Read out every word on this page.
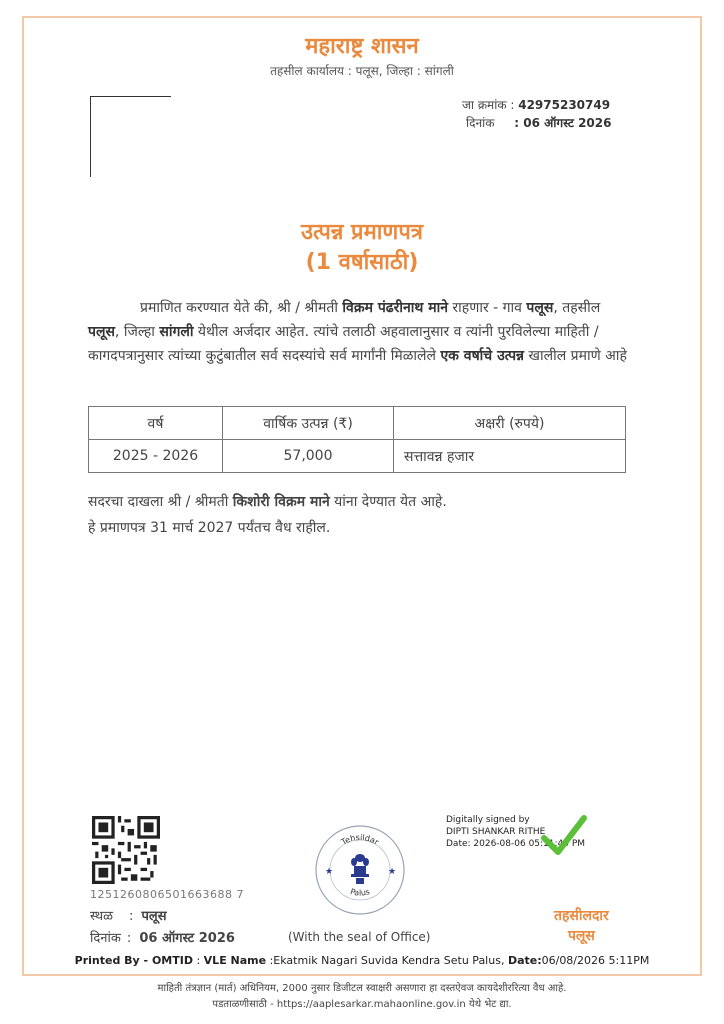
महाराष्ट्र शासन
तहसील कार्यालय : पलूस, जिल्हा : सांगली
जा क्रमांक : 42975230749
दिनांक : 06 ऑगस्ट 2026
उत्पन्न प्रमाणपत्र
(1 वर्षासाठी)
प्रमाणित करण्यात येते की, श्री / श्रीमती विक्रम पंढरीनाथ माने राहणार - गाव पलूस, तहसील पलूस, जिल्हा सांगली येथील अर्जदार आहेत. त्यांचे तलाठी अहवालानुसार व त्यांनी पुरविलेल्या माहिती / कागदपत्रानुसार त्यांच्या कुटुंबातील सर्व सदस्यांचे सर्व मार्गांनी मिळालेले एक वर्षाचे उत्पन्न खालील प्रमाणे आहे
वर्ष	वार्षिक उत्पन्न (₹)	अक्षरी (रुपये)
2025 - 2026	57,000	सत्तावन्न हजार
सदरचा दाखला श्री / श्रीमती किशोरी विक्रम माने यांना देण्यात येत आहे.
हे प्रमाणपत्र 31 मार्च 2027 पर्यंतच वैध राहील.
1251260806501663688 7
स्थळ : पलूस
दिनांक : 06 ऑगस्ट 2026
Tehsildar
Palus
★	★
(With the seal of Office)
Digitally signed by
DIPTI SHANKAR RITHE
Date: 2026-08-06 05:11:45 PM
तहसीलदार
पलूस
Printed By - OMTID : VLE Name :Ekatmik Nagari Suvida Kendra Setu Palus, Date:06/08/2026 5:11PM
माहिती तंत्रज्ञान (मार्त) अधिनियम, 2000 नुसार डिजीटल स्वाक्षरी असणारा हा दस्तऐवज कायदेशीररित्या वैध आहे.
पडताळणीसाठी - https://aaplesarkar.mahaonline.gov.in येथे भेट द्या.
